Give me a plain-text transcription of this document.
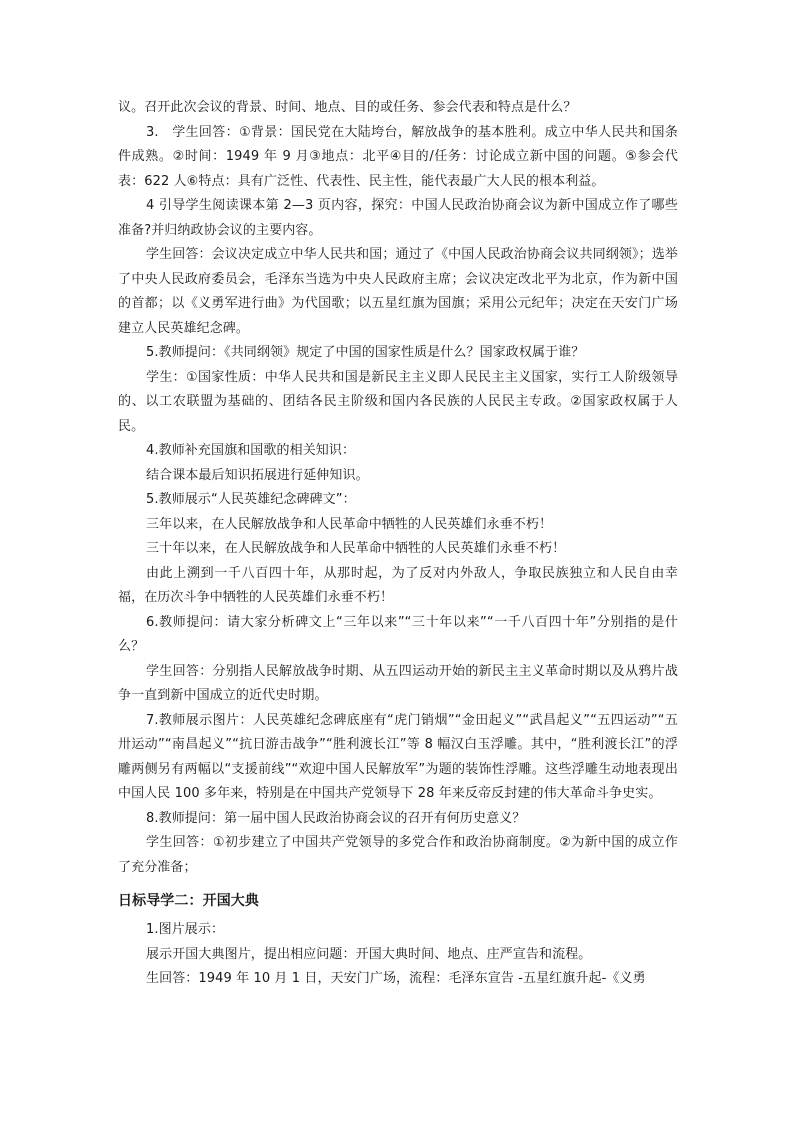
议。召开此次会议的背景、时间、地点、目的或任务、参会代表和特点是什么？

3.　学生回答：①背景：国民党在大陆垮台，解放战争的基本胜利。成立中华人民共和国条件成熟。②时间：1949 年 9 月③地点：北平④目的/任务：讨论成立新中国的问题。⑤参会代表：622 人⑥特点：具有广泛性、代表性、民主性，能代表最广大人民的根本利益。

4 引导学生阅读课本第 2—3 页内容，探究：中国人民政治协商会议为新中国成立作了哪些准备?并归纳政协会议的主要内容。

学生回答：会议决定成立中华人民共和国；通过了《中国人民政治协商会议共同纲领》；选举了中央人民政府委员会，毛泽东当选为中央人民政府主席；会议决定改北平为北京，作为新中国的首都；以《义勇军进行曲》为代国歌；以五星红旗为国旗；采用公元纪年；决定在天安门广场建立人民英雄纪念碑。

5.教师提问：《共同纲领》规定了中国的国家性质是什么？国家政权属于谁？

学生：①国家性质：中华人民共和国是新民主主义即人民民主主义国家，实行工人阶级领导的、以工农联盟为基础的、团结各民主阶级和国内各民族的人民民主专政。②国家政权属于人民。

4.教师补充国旗和国歌的相关知识：

结合课本最后知识拓展进行延伸知识。

5.教师展示“人民英雄纪念碑碑文”：

三年以来，在人民解放战争和人民革命中牺牲的人民英雄们永垂不朽！

三十年以来，在人民解放战争和人民革命中牺牲的人民英雄们永垂不朽！

由此上溯到一千八百四十年，从那时起，为了反对内外敌人，争取民族独立和人民自由幸福，在历次斗争中牺牲的人民英雄们永垂不朽！

6.教师提问：请大家分析碑文上“三年以来”“三十年以来”“一千八百四十年”分别指的是什么？

学生回答：分别指人民解放战争时期、从五四运动开始的新民主主义革命时期以及从鸦片战争一直到新中国成立的近代史时期。

7.教师展示图片：人民英雄纪念碑底座有“虎门销烟”“金田起义”“武昌起义”“五四运动”“五卅运动”“南昌起义”“抗日游击战争”“胜利渡长江”等 8 幅汉白玉浮雕。其中，“胜利渡长江”的浮雕两侧另有两幅以“支援前线”“欢迎中国人民解放军”为题的装饰性浮雕。这些浮雕生动地表现出中国人民 100 多年来，特别是在中国共产党领导下 28 年来反帝反封建的伟大革命斗争史实。

8.教师提问：第一届中国人民政治协商会议的召开有何历史意义？

学生回答：①初步建立了中国共产党领导的多党合作和政治协商制度。②为新中国的成立作了充分准备；

日标导学二：开国大典

1.图片展示：

展示开国大典图片，提出相应问题：开国大典时间、地点、庄严宣告和流程。

生回答：1949 年 10 月 1 日，天安门广场，流程：毛泽东宣告 -五星红旗升起-《义勇
